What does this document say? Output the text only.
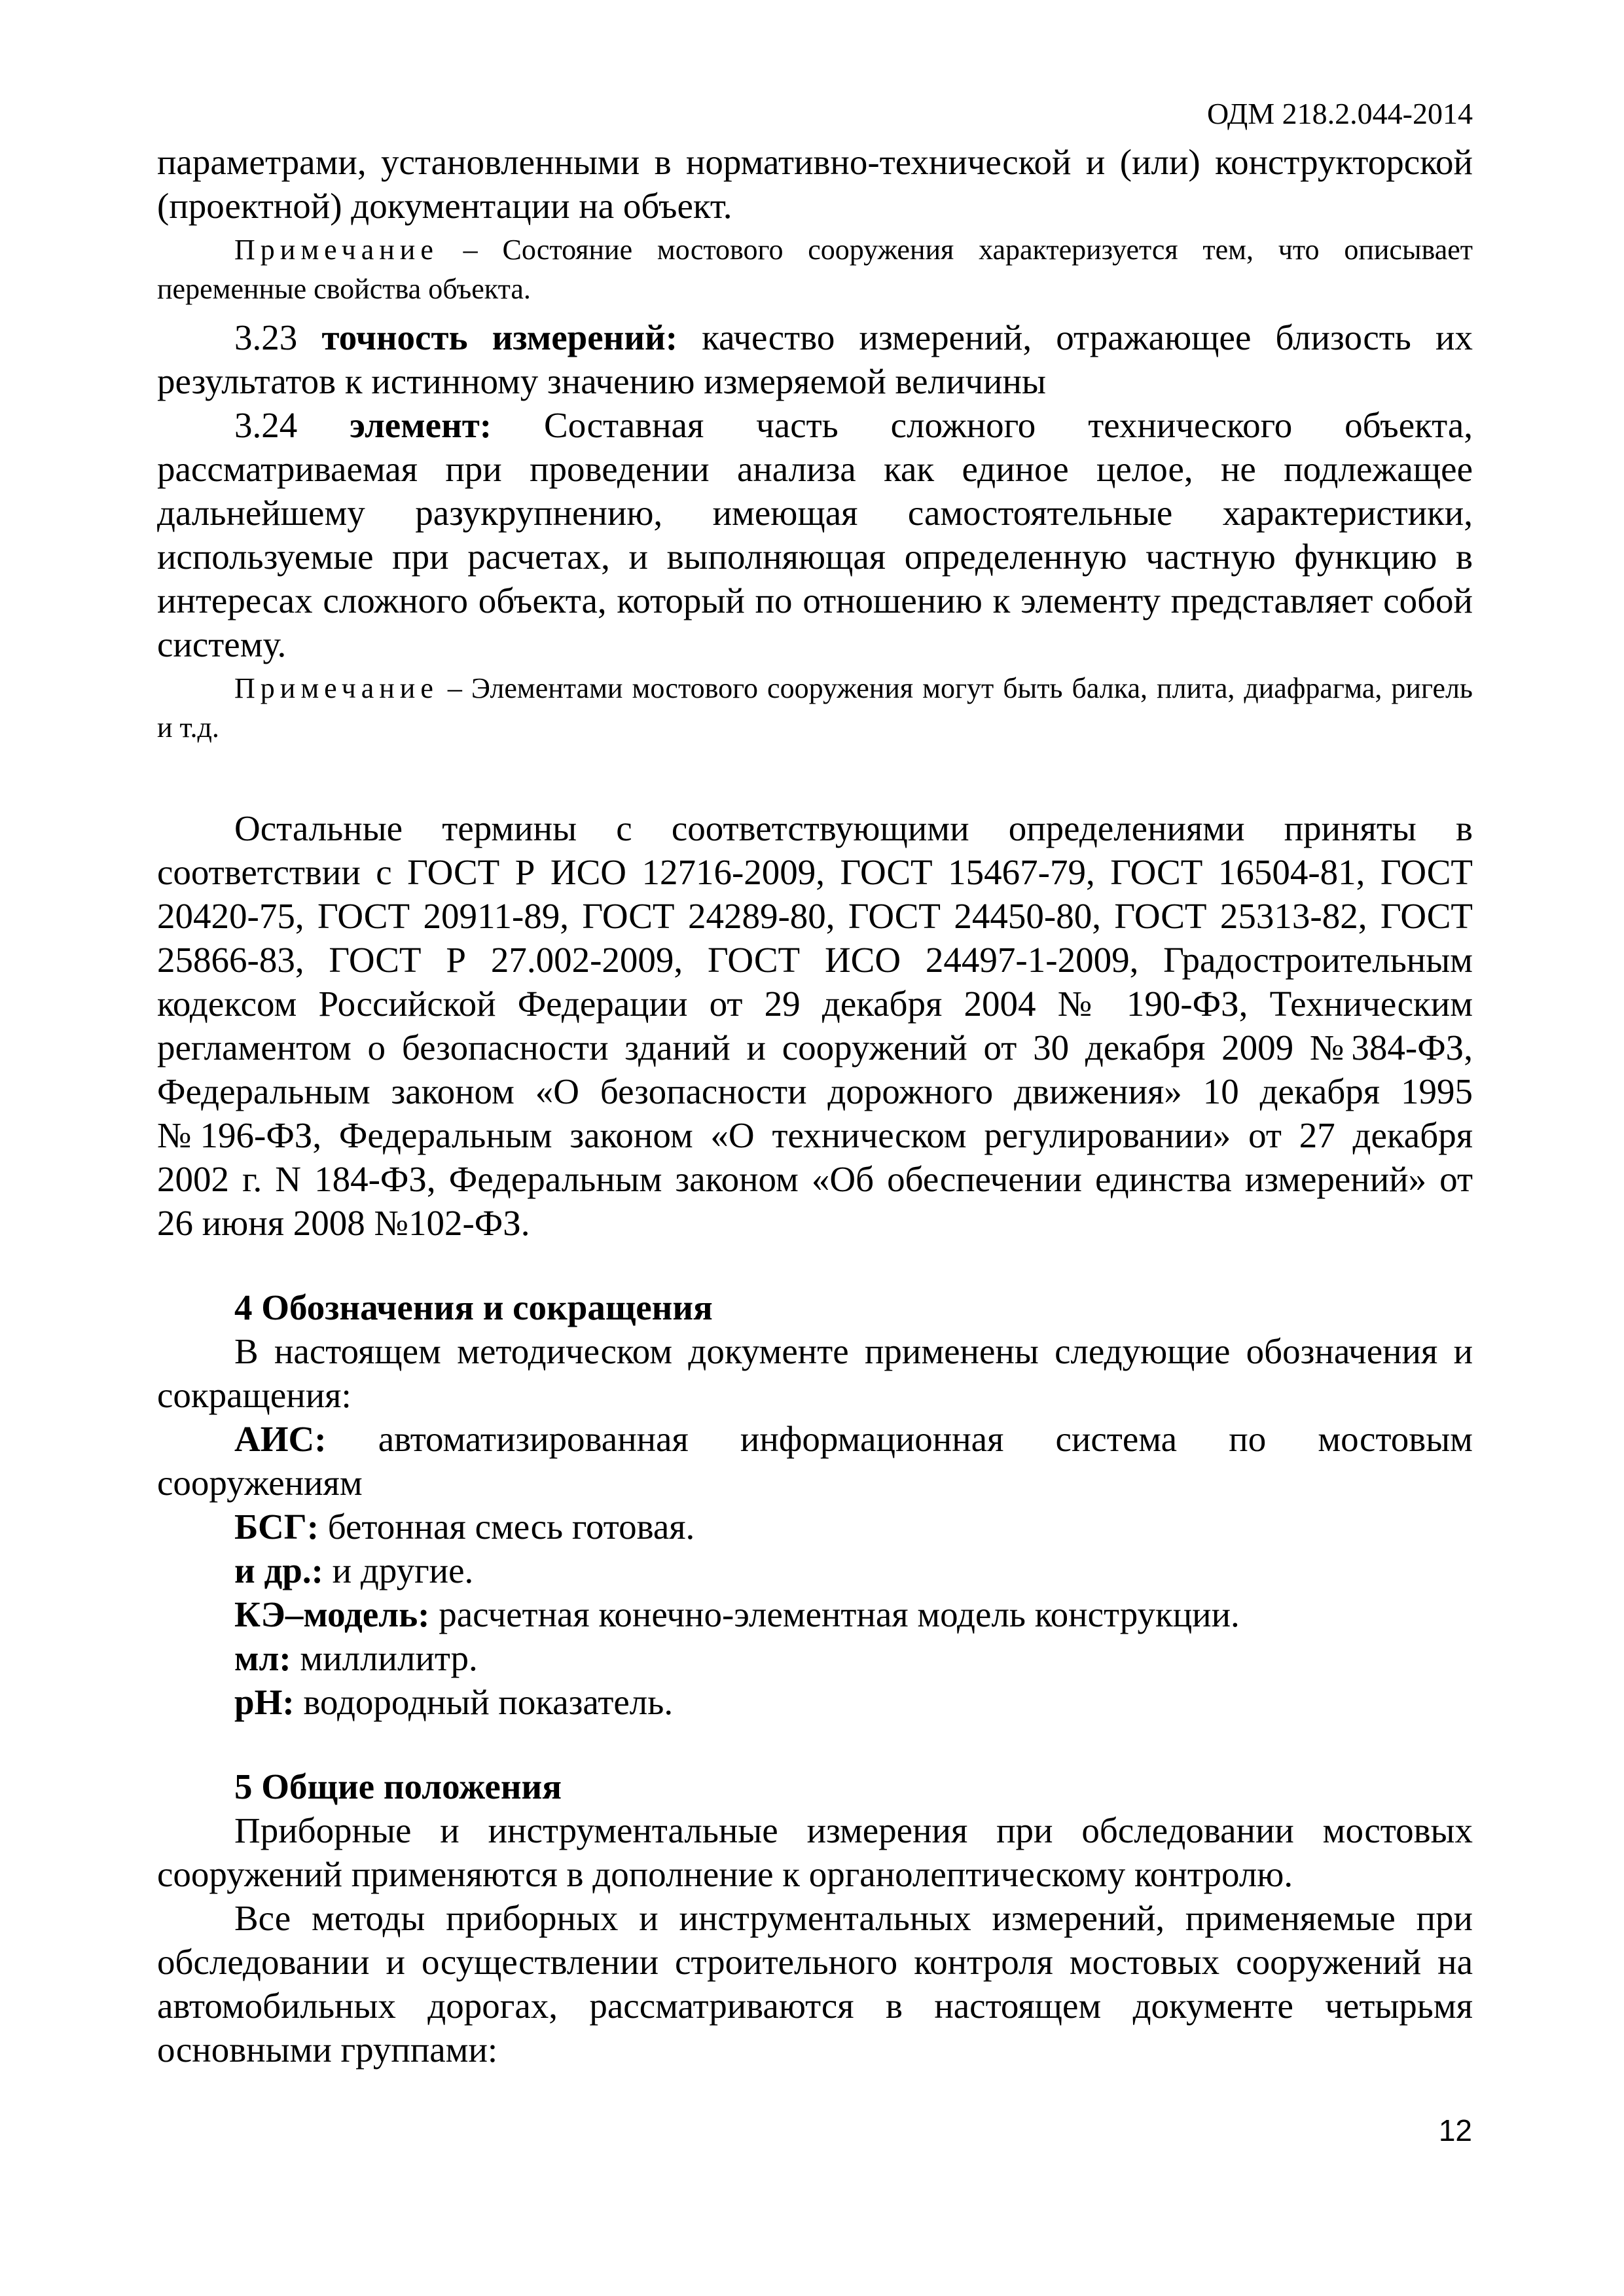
ОДМ 218.2.044-2014

параметрами, установленными в нормативно-технической и (или) конструкторской (проектной) документации на объект.

Примечание – Состояние мостового сооружения характеризуется тем, что описывает переменные свойства объекта.

3.23 точность измерений: качество измерений, отражающее близость их результатов к истинному значению измеряемой величины

3.24 элемент: Составная часть сложного технического объекта, рассматриваемая при проведении анализа как единое целое, не подлежащее дальнейшему разукрупнению, имеющая самостоятельные характеристики, используемые при расчетах, и выполняющая определенную частную функцию в интересах сложного объекта, который по отношению к элементу представляет собой систему.

Примечание – Элементами мостового сооружения могут быть балка, плита, диафрагма, ригель и т.д.

Остальные термины с соответствующими определениями приняты в соответствии с ГОСТ Р ИСО 12716-2009, ГОСТ 15467-79, ГОСТ 16504-81, ГОСТ 20420-75, ГОСТ 20911-89, ГОСТ 24289-80, ГОСТ 24450-80, ГОСТ 25313-82, ГОСТ 25866-83, ГОСТ Р 27.002-2009, ГОСТ ИСО 24497-1-2009, Градостроительным кодексом Российской Федерации от 29 декабря 2004 № 190-ФЗ, Техническим регламентом о безопасности зданий и сооружений от 30 декабря 2009 №384-ФЗ, Федеральным законом «О безопасности дорожного движения» 10 декабря 1995 №196-ФЗ, Федеральным законом «О техническом регулировании» от 27 декабря 2002 г. N 184-ФЗ, Федеральным законом «Об обеспечении единства измерений» от 26 июня 2008 №102-ФЗ.

4 Обозначения и сокращения

В настоящем методическом документе применены следующие обозначения и сокращения:

АИС: автоматизированная информационная система по мостовым сооружениям

БСГ: бетонная смесь готовая.

и др.: и другие.

КЭ–модель: расчетная конечно-элементная модель конструкции.

мл: миллилитр.

pH: водородный показатель.

5 Общие положения

Приборные и инструментальные измерения при обследовании мостовых сооружений применяются в дополнение к органолептическому контролю.

Все методы приборных и инструментальных измерений, применяемые при обследовании и осуществлении строительного контроля мостовых сооружений на автомобильных дорогах, рассматриваются в настоящем документе четырьмя основными группами:

12
